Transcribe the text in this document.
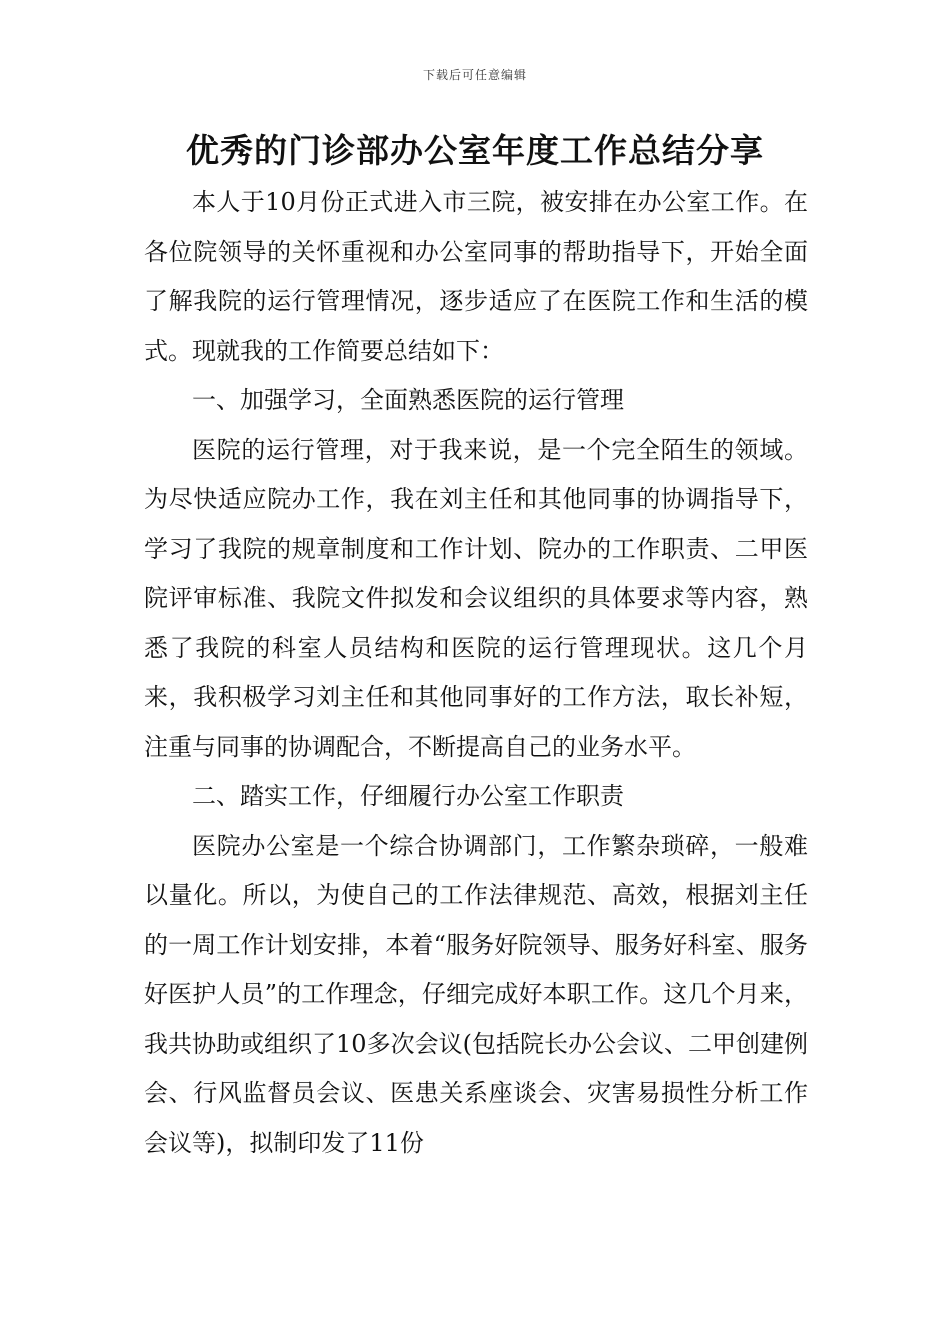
下载后可任意编辑
优秀的门诊部办公室年度工作总结分享

本人于10月份正式进入市三院，被安排在办公室工作。在各位院领导的关怀重视和办公室同事的帮助指导下，开始全面了解我院的运行管理情况，逐步适应了在医院工作和生活的模式。现就我的工作简要总结如下：

一、加强学习，全面熟悉医院的运行管理

医院的运行管理，对于我来说，是一个完全陌生的领域。为尽快适应院办工作，我在刘主任和其他同事的协调指导下，学习了我院的规章制度和工作计划、院办的工作职责、二甲医院评审标准、我院文件拟发和会议组织的具体要求等内容，熟悉了我院的科室人员结构和医院的运行管理现状。这几个月来，我积极学习刘主任和其他同事好的工作方法，取长补短，注重与同事的协调配合，不断提高自己的业务水平。

二、踏实工作，仔细履行办公室工作职责

医院办公室是一个综合协调部门，工作繁杂琐碎，一般难以量化。所以，为使自己的工作法律规范、高效，根据刘主任的一周工作计划安排，本着“服务好院领导、服务好科室、服务好医护人员”的工作理念，仔细完成好本职工作。这几个月来，我共协助或组织了10多次会议(包括院长办公会议、二甲创建例会、行风监督员会议、医患关系座谈会、灾害易损性分析工作会议等)，拟制印发了11份
